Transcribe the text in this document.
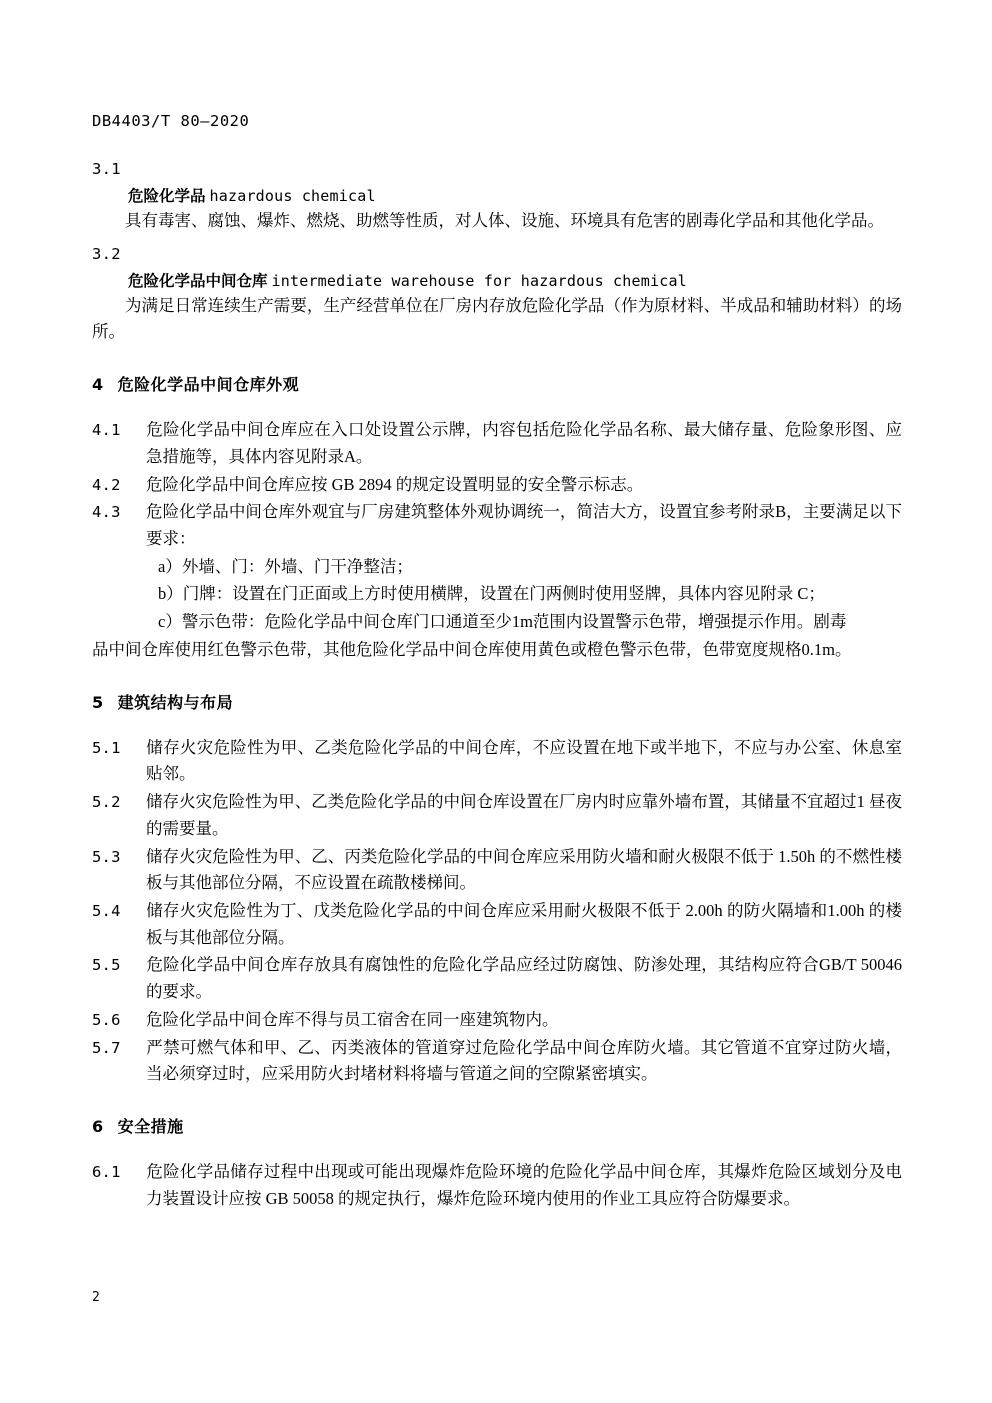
DB4403/T 80—2020
3.1
危险化学品 hazardous chemical
具有毒害、腐蚀、爆炸、燃烧、助燃等性质，对人体、设施、环境具有危害的剧毒化学品和其他化学品。
3.2
危险化学品中间仓库 intermediate warehouse for hazardous chemical
为满足日常连续生产需要，生产经营单位在厂房内存放危险化学品（作为原材料、半成品和辅助材料）的场所。
4 危险化学品中间仓库外观
4.1 危险化学品中间仓库应在入口处设置公示牌，内容包括危险化学品名称、最大储存量、危险象形图、应急措施等，具体内容见附录A。
4.2 危险化学品中间仓库应按 GB 2894 的规定设置明显的安全警示标志。
4.3 危险化学品中间仓库外观宜与厂房建筑整体外观协调统一，简洁大方，设置宜参考附录B，主要满足以下要求：
a）外墙、门：外墙、门干净整洁；
b）门牌：设置在门正面或上方时使用横牌，设置在门两侧时使用竖牌，具体内容见附录 C；
c）警示色带：危险化学品中间仓库门口通道至少1m范围内设置警示色带，增强提示作用。剧毒
品中间仓库使用红色警示色带，其他危险化学品中间仓库使用黄色或橙色警示色带，色带宽度规格0.1m。
5 建筑结构与布局
5.1 储存火灾危险性为甲、乙类危险化学品的中间仓库，不应设置在地下或半地下，不应与办公室、休息室贴邻。
5.2 储存火灾危险性为甲、乙类危险化学品的中间仓库设置在厂房内时应靠外墙布置，其储量不宜超过1 昼夜的需要量。
5.3 储存火灾危险性为甲、乙、丙类危险化学品的中间仓库应采用防火墙和耐火极限不低于 1.50h 的不燃性楼板与其他部位分隔，不应设置在疏散楼梯间。
5.4 储存火灾危险性为丁、戊类危险化学品的中间仓库应采用耐火极限不低于 2.00h 的防火隔墙和1.00h 的楼板与其他部位分隔。
5.5 危险化学品中间仓库存放具有腐蚀性的危险化学品应经过防腐蚀、防渗处理，其结构应符合GB/T 50046 的要求。
5.6 危险化学品中间仓库不得与员工宿舍在同一座建筑物内。
5.7 严禁可燃气体和甲、乙、丙类液体的管道穿过危险化学品中间仓库防火墙。其它管道不宜穿过防火墙，当必须穿过时，应采用防火封堵材料将墙与管道之间的空隙紧密填实。
6 安全措施
6.1 危险化学品储存过程中出现或可能出现爆炸危险环境的危险化学品中间仓库，其爆炸危险区域划分及电力装置设计应按 GB 50058 的规定执行，爆炸危险环境内使用的作业工具应符合防爆要求。
2
